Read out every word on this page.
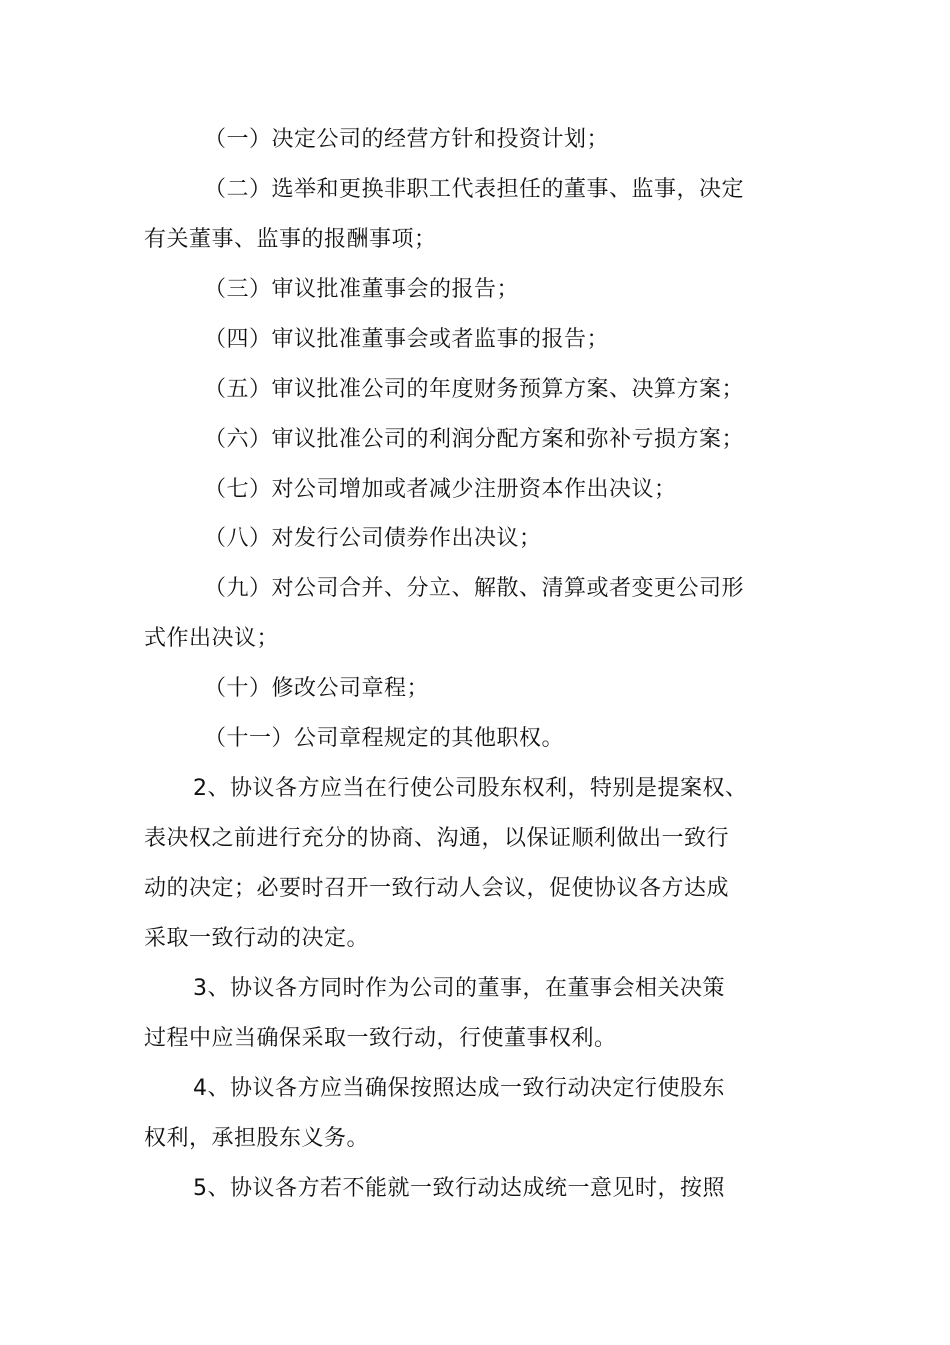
（一）决定公司的经营方针和投资计划；
（二）选举和更换非职工代表担任的董事、监事，决定
有关董事、监事的报酬事项；
（三）审议批准董事会的报告；
（四）审议批准董事会或者监事的报告；
（五）审议批准公司的年度财务预算方案、决算方案；
（六）审议批准公司的利润分配方案和弥补亏损方案；
（七）对公司增加或者减少注册资本作出决议；
（八）对发行公司债券作出决议；
（九）对公司合并、分立、解散、清算或者变更公司形
式作出决议；
（十）修改公司章程；
（十一）公司章程规定的其他职权。
2、协议各方应当在行使公司股东权利，特别是提案权、
表决权之前进行充分的协商、沟通，以保证顺利做出一致行
动的决定；必要时召开一致行动人会议，促使协议各方达成
采取一致行动的决定。
3、协议各方同时作为公司的董事，在董事会相关决策
过程中应当确保采取一致行动，行使董事权利。
4、协议各方应当确保按照达成一致行动决定行使股东
权利，承担股东义务。
5、协议各方若不能就一致行动达成统一意见时，按照
